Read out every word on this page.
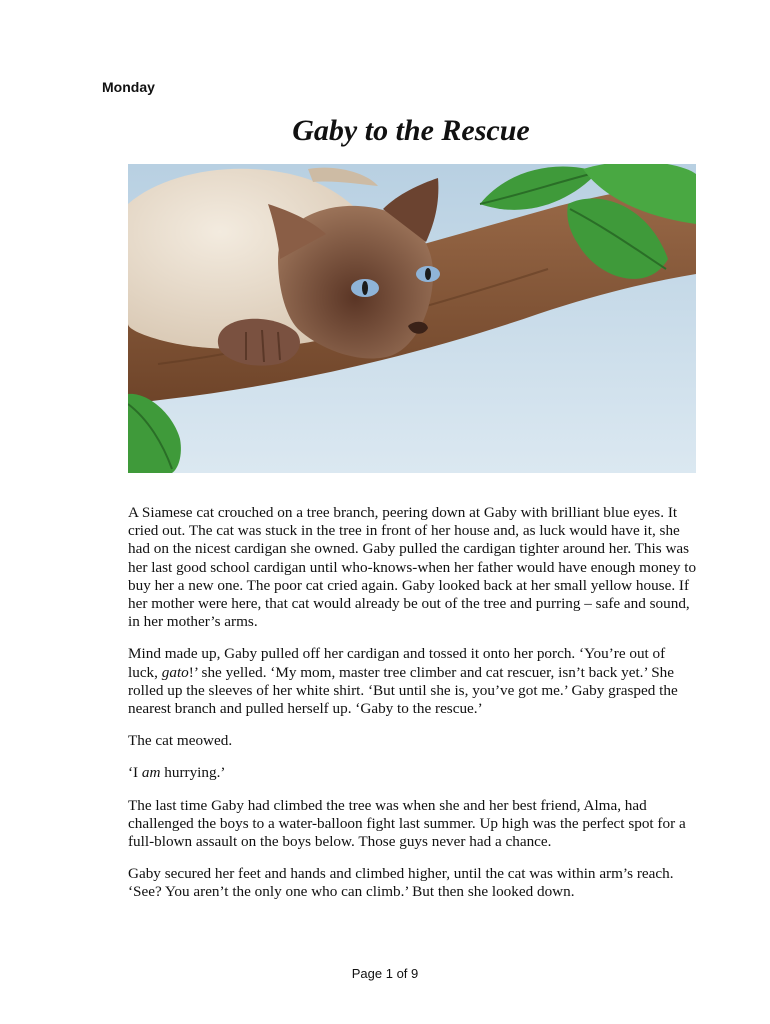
Monday
Gaby to the Rescue

A Siamese cat crouched on a tree branch, peering down at Gaby with brilliant blue eyes. It cried out. The cat was stuck in the tree in front of her house and, as luck would have it, she had on the nicest cardigan she owned. Gaby pulled the cardigan tighter around her. This was her last good school cardigan until who-knows-when her father would have enough money to buy her a new one. The poor cat cried again. Gaby looked back at her small yellow house. If her mother were here, that cat would already be out of the tree and purring – safe and sound, in her mother’s arms.

Mind made up, Gaby pulled off her cardigan and tossed it onto her porch. ‘You’re out of luck, gato!’ she yelled. ‘My mom, master tree climber and cat rescuer, isn’t back yet.’ She rolled up the sleeves of her white shirt. ‘But until she is, you’ve got me.’ Gaby grasped the nearest branch and pulled herself up. ‘Gaby to the rescue.’

The cat meowed.

‘I am hurrying.’

The last time Gaby had climbed the tree was when she and her best friend, Alma, had challenged the boys to a water-balloon fight last summer. Up high was the perfect spot for a full-blown assault on the boys below. Those guys never had a chance.

Gaby secured her feet and hands and climbed higher, until the cat was within arm’s reach. ‘See? You aren’t the only one who can climb.’ But then she looked down.

Page 1 of 9
